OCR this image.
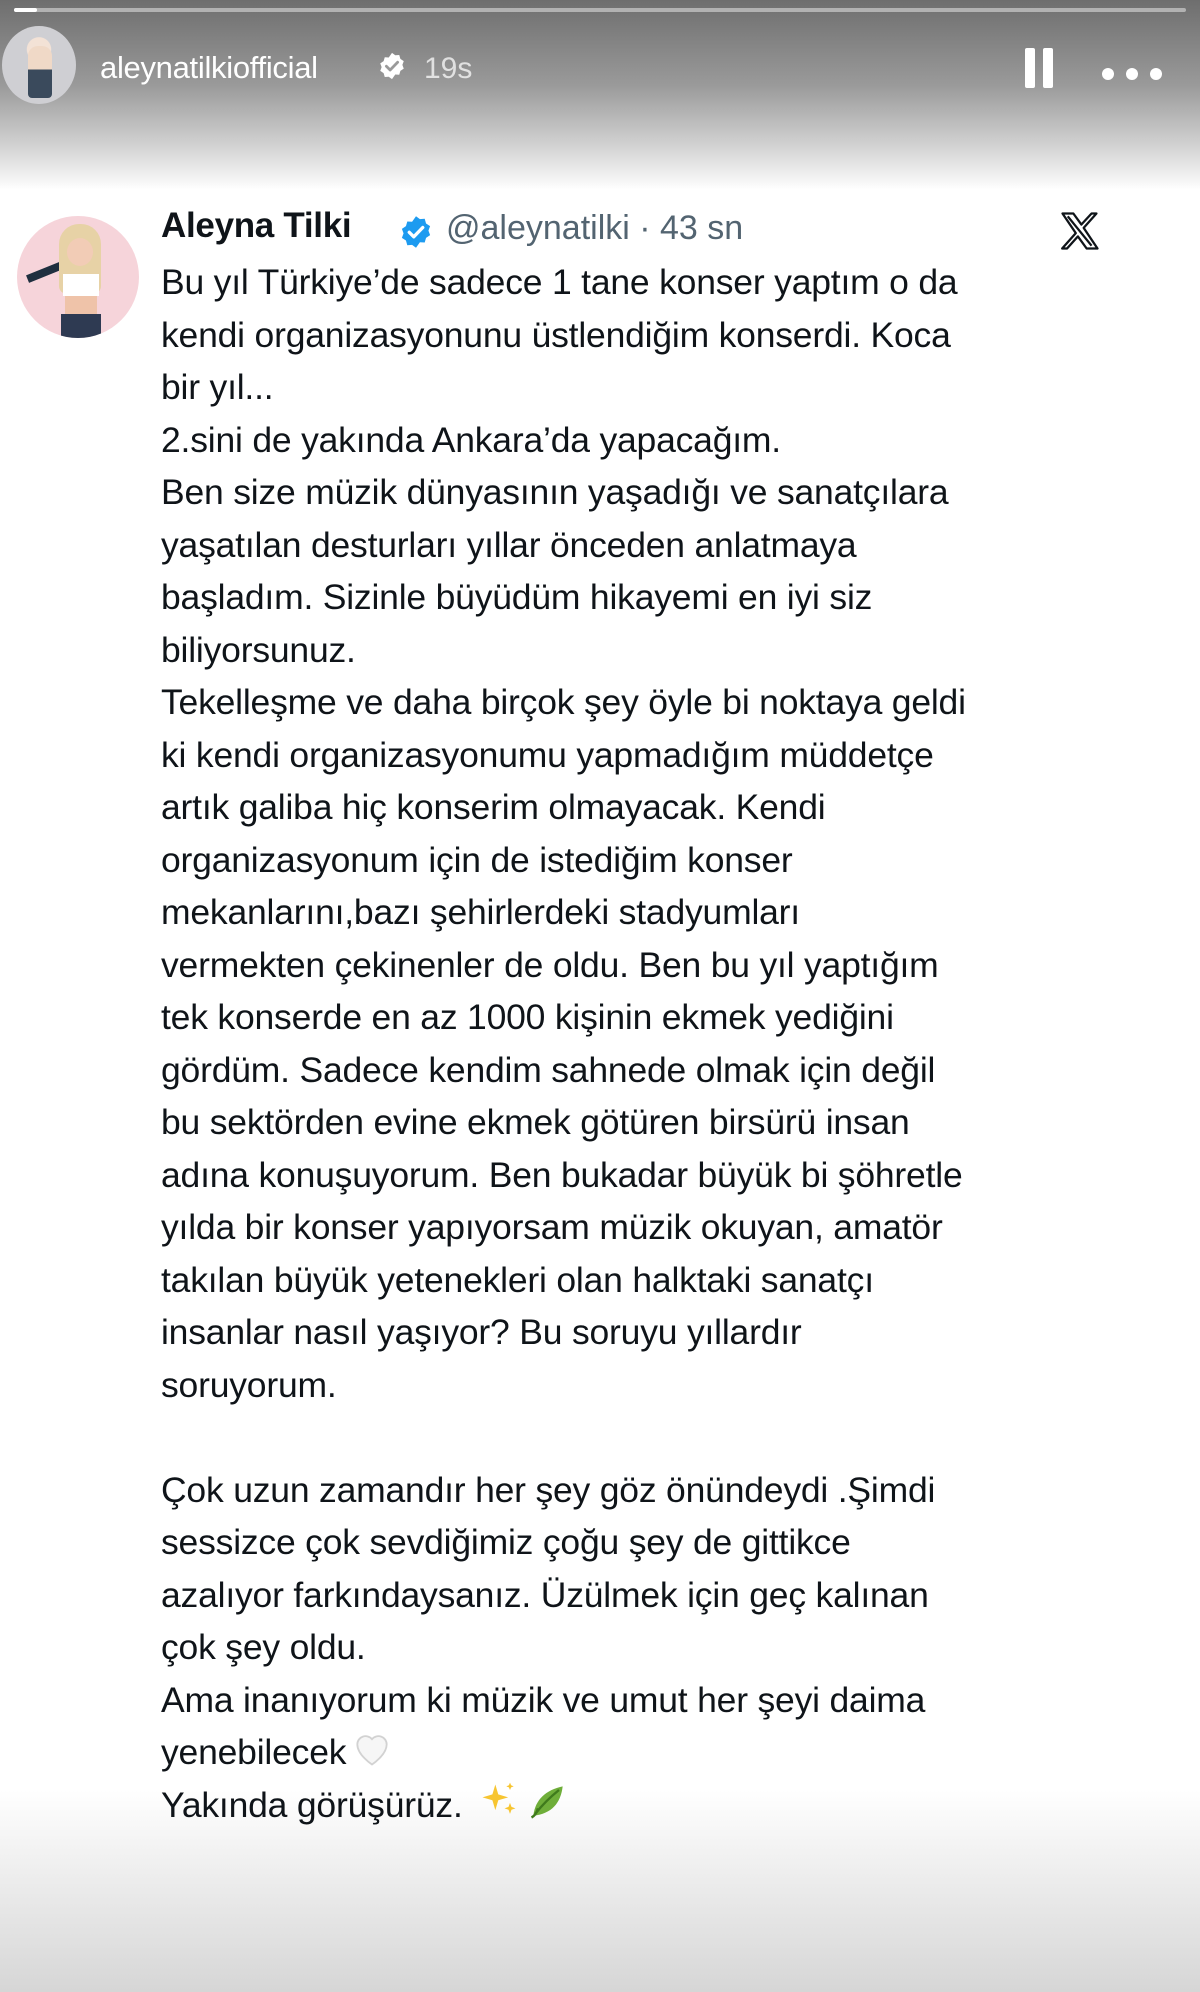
aleynatilkiofficial	19s
Aleyna Tilki	@aleynatilki · 43 sn
Bu yıl Türkiye’de sadece 1 tane konser yaptım o da
kendi organizasyonunu üstlendiğim konserdi. Koca
bir yıl...
2.sini de yakında Ankara’da yapacağım.
Ben size müzik dünyasının yaşadığı ve sanatçılara
yaşatılan desturları yıllar önceden anlatmaya
başladım. Sizinle büyüdüm hikayemi en iyi siz
biliyorsunuz.
Tekelleşme ve daha birçok şey öyle bi noktaya geldi
ki kendi organizasyonumu yapmadığım müddetçe
artık galiba hiç konserim olmayacak. Kendi
organizasyonum için de istediğim konser
mekanlarını,bazı şehirlerdeki stadyumları
vermekten çekinenler de oldu. Ben bu yıl yaptığım
tek konserde en az 1000 kişinin ekmek yediğini
gördüm. Sadece kendim sahnede olmak için değil
bu sektörden evine ekmek götüren birsürü insan
adına konuşuyorum. Ben bukadar büyük bi şöhretle
yılda bir konser yapıyorsam müzik okuyan, amatör
takılan büyük yetenekleri olan halktaki sanatçı
insanlar nasıl yaşıyor? Bu soruyu yıllardır
soruyorum.
Çok uzun zamandır her şey göz önündeydi .Şimdi
sessizce çok sevdiğimiz çoğu şey de gittikce
azalıyor farkındaysanız. Üzülmek için geç kalınan
çok şey oldu.
Ama inanıyorum ki müzik ve umut her şeyi daima
yenebilecek
Yakında görüşürüz.
